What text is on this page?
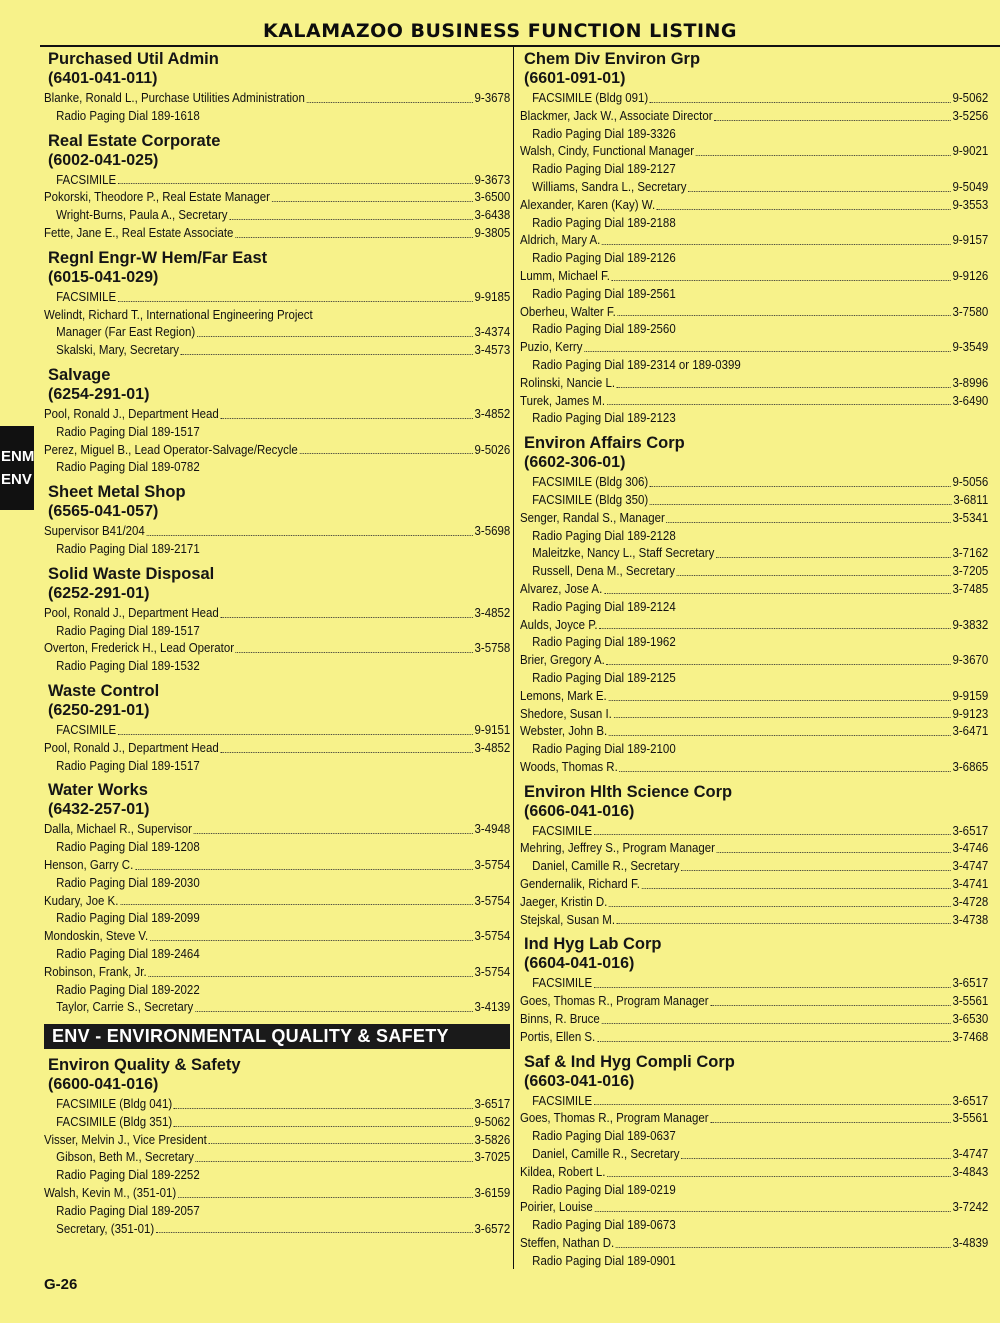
KALAMAZOO BUSINESS FUNCTION LISTING
ENM
ENV
Purchased Util Admin
(6401-041-011)
Blanke, Ronald L., Purchase Utilities Administration	9-3678
Radio Paging Dial 189-1618
Real Estate Corporate
(6002-041-025)
FACSIMILE	9-3673
Pokorski, Theodore P., Real Estate Manager	3-6500
Wright-Burns, Paula A., Secretary	3-6438
Fette, Jane E., Real Estate Associate	9-3805
Regnl Engr-W Hem/Far East
(6015-041-029)
FACSIMILE	9-9185
Welindt, Richard T., International Engineering Project
Manager (Far East Region)	3-4374
Skalski, Mary, Secretary	3-4573
Salvage
(6254-291-01)
Pool, Ronald J., Department Head	3-4852
Radio Paging Dial 189-1517
Perez, Miguel B., Lead Operator-Salvage/Recycle	9-5026
Radio Paging Dial 189-0782
Sheet Metal Shop
(6565-041-057)
Supervisor B41/204	3-5698
Radio Paging Dial 189-2171
Solid Waste Disposal
(6252-291-01)
Pool, Ronald J., Department Head	3-4852
Radio Paging Dial 189-1517
Overton, Frederick H., Lead Operator	3-5758
Radio Paging Dial 189-1532
Waste Control
(6250-291-01)
FACSIMILE	9-9151
Pool, Ronald J., Department Head	3-4852
Radio Paging Dial 189-1517
Water Works
(6432-257-01)
Dalla, Michael R., Supervisor	3-4948
Radio Paging Dial 189-1208
Henson, Garry C.	3-5754
Radio Paging Dial 189-2030
Kudary, Joe K.	3-5754
Radio Paging Dial 189-2099
Mondoskin, Steve V.	3-5754
Radio Paging Dial 189-2464
Robinson, Frank, Jr.	3-5754
Radio Paging Dial 189-2022
Taylor, Carrie S., Secretary	3-4139
ENV - ENVIRONMENTAL QUALITY & SAFETY
Environ Quality & Safety
(6600-041-016)
FACSIMILE (Bldg 041)	3-6517
FACSIMILE (Bldg 351)	9-5062
Visser, Melvin J., Vice President	3-5826
Gibson, Beth M., Secretary	3-7025
Radio Paging Dial 189-2252
Walsh, Kevin M., (351-01)	3-6159
Radio Paging Dial 189-2057
Secretary, (351-01)	3-6572
Chem Div Environ Grp
(6601-091-01)
FACSIMILE (Bldg 091)	9-5062
Blackmer, Jack W., Associate Director	3-5256
Radio Paging Dial 189-3326
Walsh, Cindy, Functional Manager	9-9021
Radio Paging Dial 189-2127
Williams, Sandra L., Secretary	9-5049
Alexander, Karen (Kay) W.	9-3553
Radio Paging Dial 189-2188
Aldrich, Mary A.	9-9157
Radio Paging Dial 189-2126
Lumm, Michael F.	9-9126
Radio Paging Dial 189-2561
Oberheu, Walter F.	3-7580
Radio Paging Dial 189-2560
Puzio, Kerry	9-3549
Radio Paging Dial 189-2314 or 189-0399
Rolinski, Nancie L.	3-8996
Turek, James M.	3-6490
Radio Paging Dial 189-2123
Environ Affairs Corp
(6602-306-01)
FACSIMILE (Bldg 306)	9-5056
FACSIMILE (Bldg 350)	3-6811
Senger, Randal S., Manager	3-5341
Radio Paging Dial 189-2128
Maleitzke, Nancy L., Staff Secretary	3-7162
Russell, Dena M., Secretary	3-7205
Alvarez, Jose A.	3-7485
Radio Paging Dial 189-2124
Aulds, Joyce P.	9-3832
Radio Paging Dial 189-1962
Brier, Gregory A.	9-3670
Radio Paging Dial 189-2125
Lemons, Mark E.	9-9159
Shedore, Susan I.	9-9123
Webster, John B.	3-6471
Radio Paging Dial 189-2100
Woods, Thomas R.	3-6865
Environ Hlth Science Corp
(6606-041-016)
FACSIMILE	3-6517
Mehring, Jeffrey S., Program Manager	3-4746
Daniel, Camille R., Secretary	3-4747
Gendernalik, Richard F.	3-4741
Jaeger, Kristin D.	3-4728
Stejskal, Susan M.	3-4738
Ind Hyg Lab Corp
(6604-041-016)
FACSIMILE	3-6517
Goes, Thomas R., Program Manager	3-5561
Binns, R. Bruce	3-6530
Portis, Ellen S.	3-7468
Saf & Ind Hyg Compli Corp
(6603-041-016)
FACSIMILE	3-6517
Goes, Thomas R., Program Manager	3-5561
Radio Paging Dial 189-0637
Daniel, Camille R., Secretary	3-4747
Kildea, Robert L.	3-4843
Radio Paging Dial 189-0219
Poirier, Louise	3-7242
Radio Paging Dial 189-0673
Steffen, Nathan D.	3-4839
Radio Paging Dial 189-0901
G-26
